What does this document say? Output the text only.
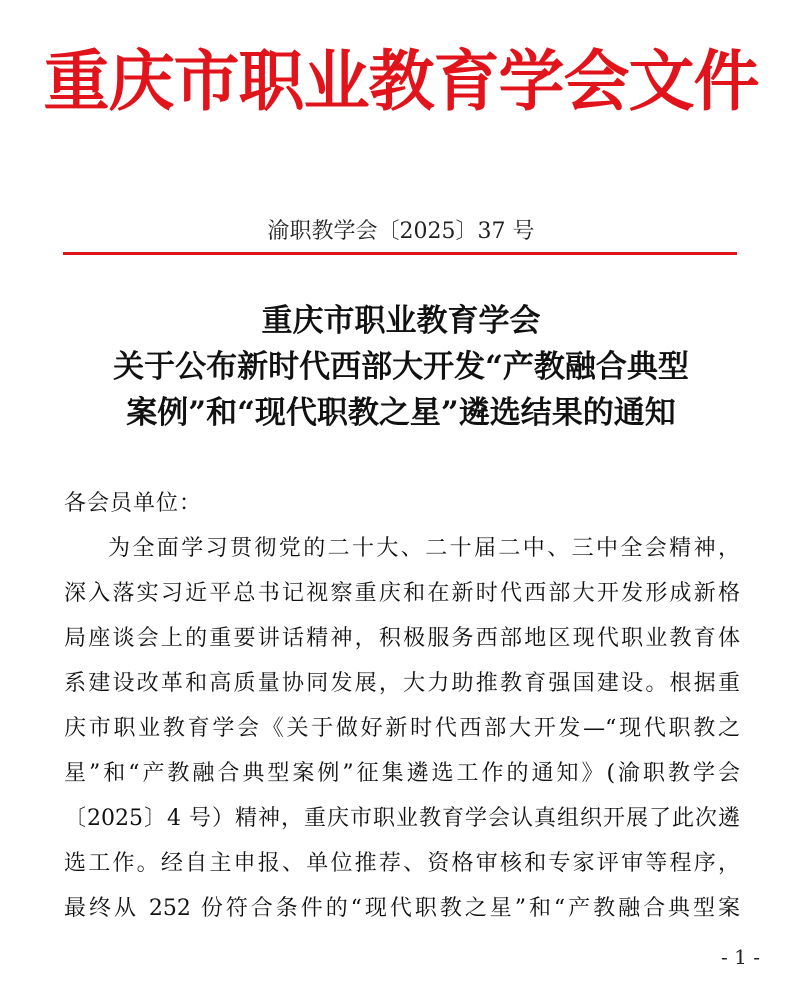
重庆市职业教育学会文件
渝职教学会〔2025〕37 号
重庆市职业教育学会
关于公布新时代西部大开发“产教融合典型
案例”和“现代职教之星”遴选结果的通知
各会员单位：
为全面学习贯彻党的二十大、二十届二中、三中全会精神，
深入落实习近平总书记视察重庆和在新时代西部大开发形成新格
局座谈会上的重要讲话精神，积极服务西部地区现代职业教育体
系建设改革和高质量协同发展，大力助推教育强国建设。根据重
庆市职业教育学会《关于做好新时代西部大开发—“现代职教之
星”和“产教融合典型案例”征集遴选工作的通知》(渝职教学会
〔2025〕4 号）精神，重庆市职业教育学会认真组织开展了此次遴
选工作。经自主申报、单位推荐、资格审核和专家评审等程序，
最终从 252 份符合条件的“现代职教之星”和“产教融合典型案
- 1 -
